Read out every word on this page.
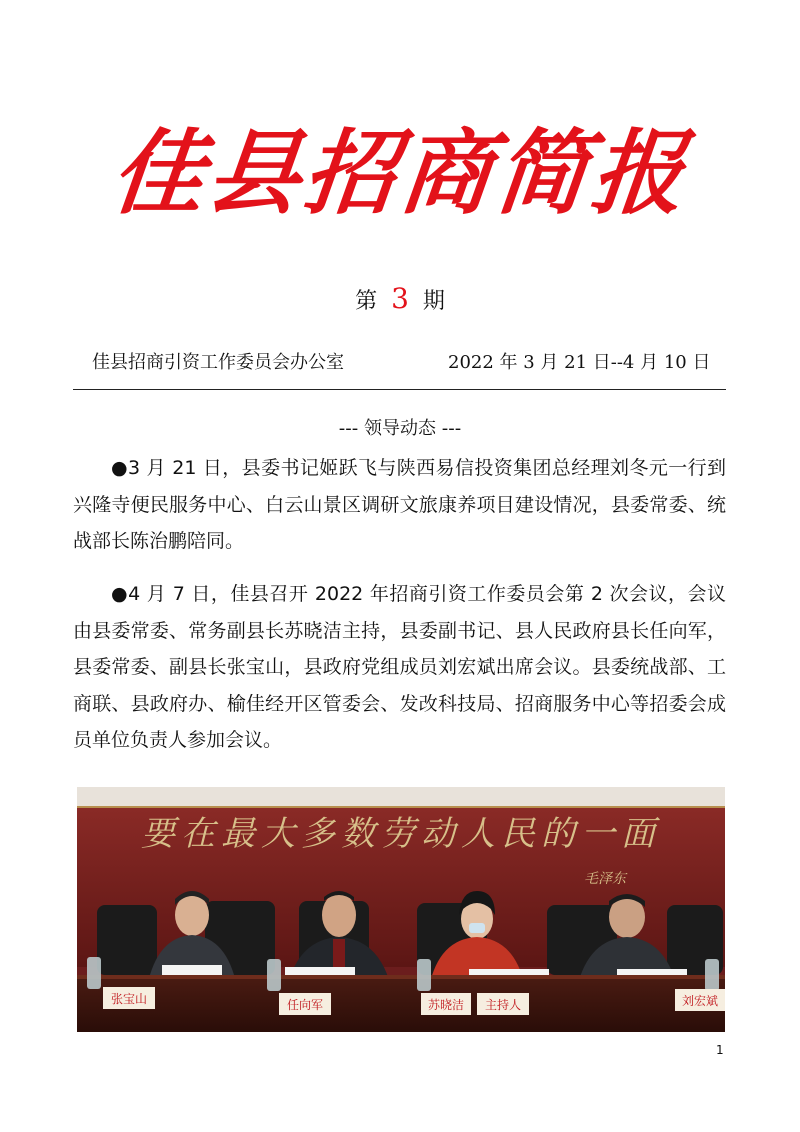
佳县招商简报
第 3 期
佳县招商引资工作委员会办公室	2022 年 3 月 21 日--4 月 10 日
--- 领导动态 ---
●3 月 21 日，县委书记姬跃飞与陕西易信投资集团总经理刘冬元一行到兴隆寺便民服务中心、白云山景区调研文旅康养项目建设情况，县委常委、统战部长陈治鹏陪同。
●4 月 7 日，佳县召开 2022 年招商引资工作委员会第 2 次会议，会议由县委常委、常务副县长苏晓洁主持，县委副书记、县人民政府县长任向军，县委常委、副县长张宝山，县政府党组成员刘宏斌出席会议。县委统战部、工商联、县政府办、榆佳经开区管委会、发改科技局、招商服务中心等招委会成员单位负责人参加会议。
要在最大多数劳动人民的一面
毛泽东
张宝山	任向军	苏晓洁 主持人	刘宏斌
1
